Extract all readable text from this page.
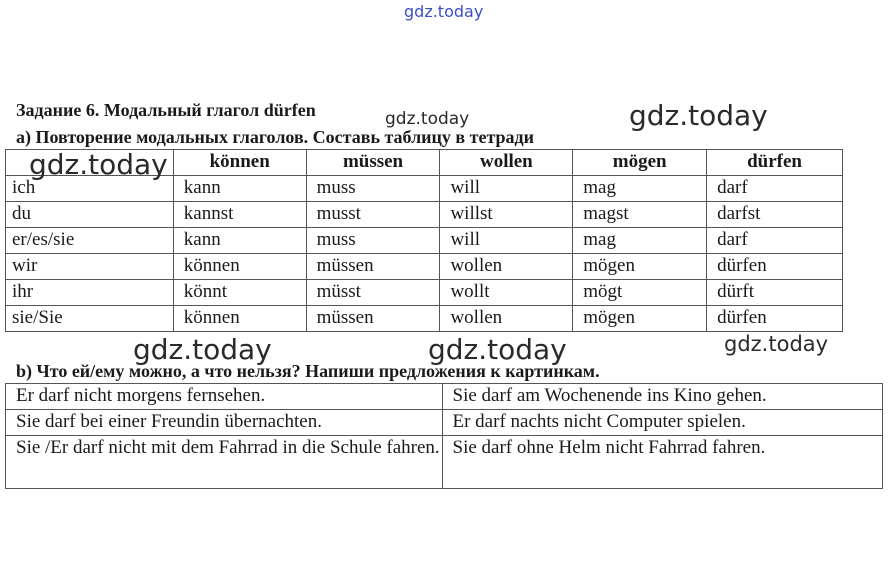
gdz.today
Задание 6. Модальный глагол dürfen	gdz.today	gdz.today
а) Повторение модальных глаголов. Составь таблицу в тетради
	können	müssen	wollen	mögen	dürfen
ich	kann	muss	will	mag	darf
du	kannst	musst	willst	magst	darfst
er/es/sie	kann	muss	will	mag	darf
wir	können	müssen	wollen	mögen	dürfen
ihr	könnt	müsst	wollt	mögt	dürft
sie/Sie	können	müssen	wollen	mögen	dürfen
gdz.today
gdz.today	gdz.today	gdz.today
b) Что ей/ему можно, а что нельзя? Напиши предложения к картинкам.
Er darf nicht morgens fernsehen.	Sie darf am Wochenende ins Kino gehen.
Sie darf bei einer Freundin übernachten.	Er darf nachts nicht Computer spielen.
Sie /Er darf nicht mit dem Fahrrad in die Schule fahren.	Sie darf ohne Helm nicht Fahrrad fahren.
